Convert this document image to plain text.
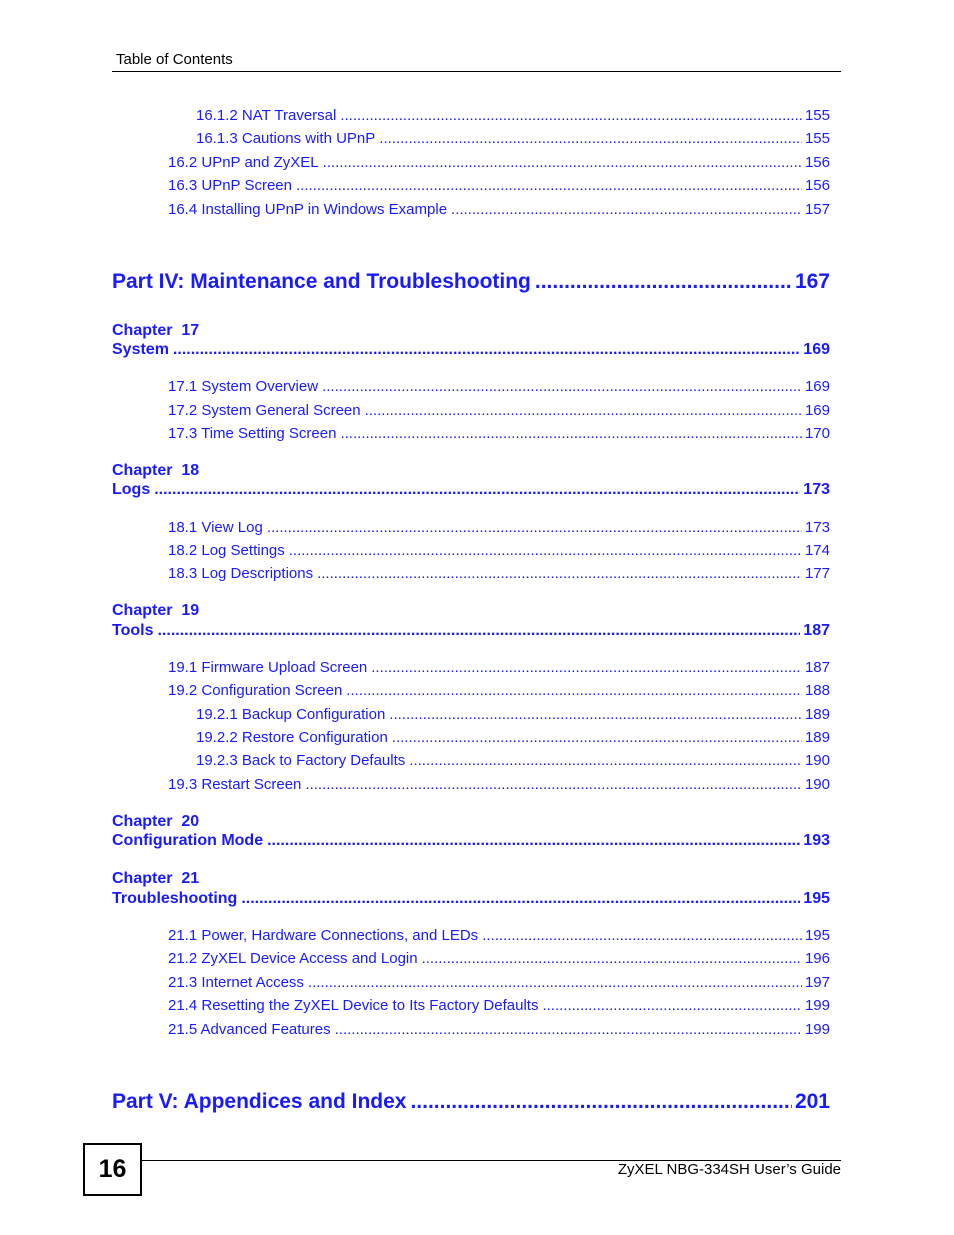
Table of Contents
16.1.2 NAT Traversal .....	155
16.1.3 Cautions with UPnP .....	155
16.2 UPnP and ZyXEL .....	156
16.3 UPnP Screen .....	156
16.4 Installing UPnP in Windows Example .....	157
Part IV: Maintenance and Troubleshooting .....	167
Chapter  17
System .....	169
17.1 System Overview .....	169
17.2 System General Screen .....	169
17.3 Time Setting Screen .....	170
Chapter  18
Logs .....	173
18.1 View Log .....	173
18.2 Log Settings .....	174
18.3 Log Descriptions .....	177
Chapter  19
Tools .....	187
19.1 Firmware Upload Screen .....	187
19.2 Configuration Screen .....	188
19.2.1 Backup Configuration .....	189
19.2.2 Restore Configuration .....	189
19.2.3 Back to Factory Defaults .....	190
19.3 Restart Screen .....	190
Chapter  20
Configuration Mode .....	193
Chapter  21
Troubleshooting .....	195
21.1 Power, Hardware Connections, and LEDs .....	195
21.2 ZyXEL Device Access and Login .....	196
21.3 Internet Access .....	197
21.4 Resetting the ZyXEL Device to Its Factory Defaults .....	199
21.5 Advanced Features .....	199
Part V: Appendices and Index .....	201
16	ZyXEL NBG-334SH User’s Guide
